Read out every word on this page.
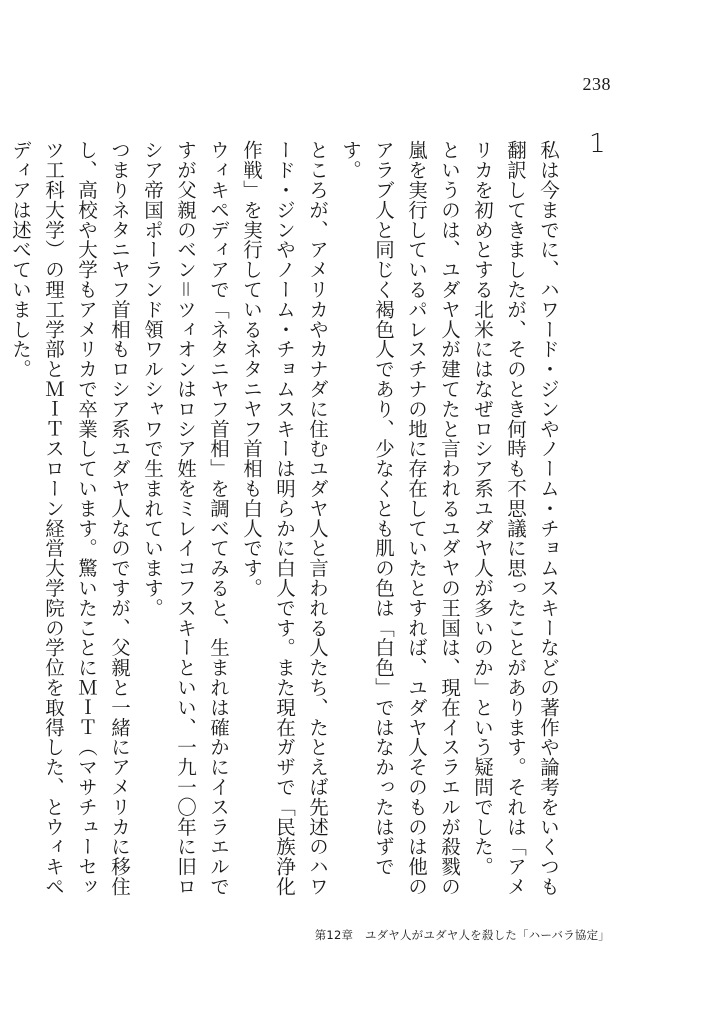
238
1

私は今までに、ハワード・ジンやノーム・チョムスキーなどの著作や論考をいくつも翻訳してきましたが、そのとき何時も不思議に思ったことがあります。それは「アメリカを初めとする北米にはなぜロシア系ユダヤ人が多いのか」という疑問でした。

というのは、ユダヤ人が建てたと言われるユダヤの王国は、現在イスラエルが殺戮の嵐を実行しているパレスチナの地に存在していたとすれば、ユダヤ人そのものは他のアラブ人と同じく褐色人であり、少なくとも肌の色は「白色」ではなかったはずです。

ところが、アメリカやカナダに住むユダヤ人と言われる人たち、たとえば先述のハワード・ジンやノーム・チョムスキーは明らかに白人です。また現在ガザで「民族浄化作戦」を実行しているネタニヤフ首相も白人です。

ウィキペディアで「ネタニヤフ首相」を調べてみると、生まれは確かにイスラエルですが父親のベン＝ツィオンはロシア姓をミレイコフスキーといい、一九一〇年に旧ロシア帝国ポーランド領ワルシャワで生まれています。

つまりネタニヤフ首相もロシア系ユダヤ人なのですが、父親と一緒にアメリカに移住し、高校や大学もアメリカで卒業しています。驚いたことにＭＩＴ（マサチューセッツ工科大学）の理工学部とＭＩＴスローン経営大学院の学位を取得した、とウィキペディアは述べていました。

第12章　ユダヤ人がユダヤ人を殺した「ハーバラ協定」
